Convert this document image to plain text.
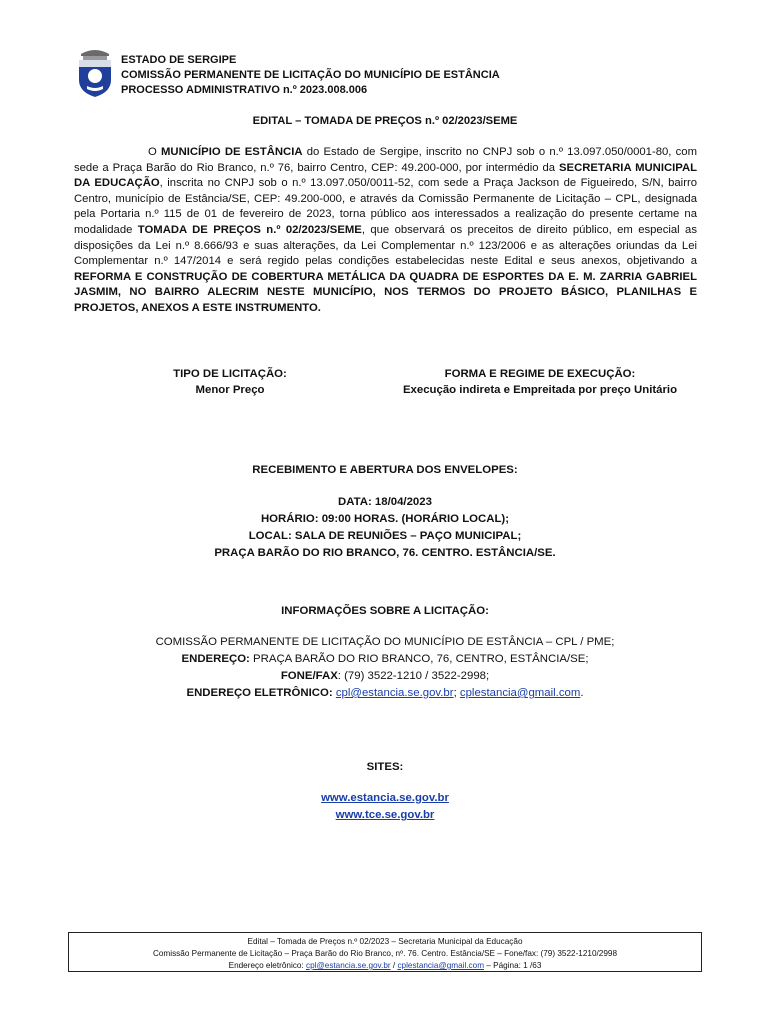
ESTADO DE SERGIPE
COMISSÃO PERMANENTE DE LICITAÇÃO DO MUNICÍPIO DE ESTÂNCIA
PROCESSO ADMINISTRATIVO n.º 2023.008.006
EDITAL – TOMADA DE PREÇOS n.º 02/2023/SEME

O MUNICÍPIO DE ESTÂNCIA do Estado de Sergipe, inscrito no CNPJ sob o n.º 13.097.050/0001-80, com sede a Praça Barão do Rio Branco, n.º 76, bairro Centro, CEP: 49.200-000, por intermédio da SECRETARIA MUNICIPAL DA EDUCAÇÃO, inscrita no CNPJ sob o n.º 13.097.050/0011-52, com sede a Praça Jackson de Figueiredo, S/N, bairro Centro, município de Estância/SE, CEP: 49.200-000, e através da Comissão Permanente de Licitação – CPL, designada pela Portaria n.º 115 de 01 de fevereiro de 2023, torna público aos interessados a realização do presente certame na modalidade TOMADA DE PREÇOS n.º 02/2023/SEME, que observará os preceitos de direito público, em especial as disposições da Lei n.º 8.666/93 e suas alterações, da Lei Complementar n.º 123/2006 e as alterações oriundas da Lei Complementar n.º 147/2014 e será regido pelas condições estabelecidas neste Edital e seus anexos, objetivando a REFORMA E CONSTRUÇÃO DE COBERTURA METÁLICA DA QUADRA DE ESPORTES DA E. M. ZARRIA GABRIEL JASMIM, NO BAIRRO ALECRIM NESTE MUNICÍPIO, NOS TERMOS DO PROJETO BÁSICO, PLANILHAS E PROJETOS, ANEXOS A ESTE INSTRUMENTO.

TIPO DE LICITAÇÃO:
Menor Preço
FORMA E REGIME DE EXECUÇÃO:
Execução indireta e Empreitada por preço Unitário
RECEBIMENTO E ABERTURA DOS ENVELOPES:
DATA: 18/04/2023
HORÁRIO: 09:00 HORAS. (HORÁRIO LOCAL);
LOCAL: SALA DE REUNIÕES – PAÇO MUNICIPAL;
PRAÇA BARÃO DO RIO BRANCO, 76. CENTRO. ESTÂNCIA/SE.
INFORMAÇÕES SOBRE A LICITAÇÃO:
COMISSÃO PERMANENTE DE LICITAÇÃO DO MUNICÍPIO DE ESTÂNCIA – CPL / PME;
ENDEREÇO: PRAÇA BARÃO DO RIO BRANCO, 76, CENTRO, ESTÂNCIA/SE;
FONE/FAX: (79) 3522-1210 / 3522-2998;
ENDEREÇO ELETRÔNICO: cpl@estancia.se.gov.br; cplestancia@gmail.com.
SITES:
www.estancia.se.gov.br
www.tce.se.gov.br
Edital – Tomada de Preços n.º 02/2023 – Secretaria Municipal da Educação
Comissão Permanente de Licitação – Praça Barão do Rio Branco, nº. 76. Centro. Estância/SE – Fone/fax: (79) 3522-1210/2998
Endereço eletrônico: cpl@estancia.se.gov.br / cplestancia@gmail.com – Página: 1 /63
